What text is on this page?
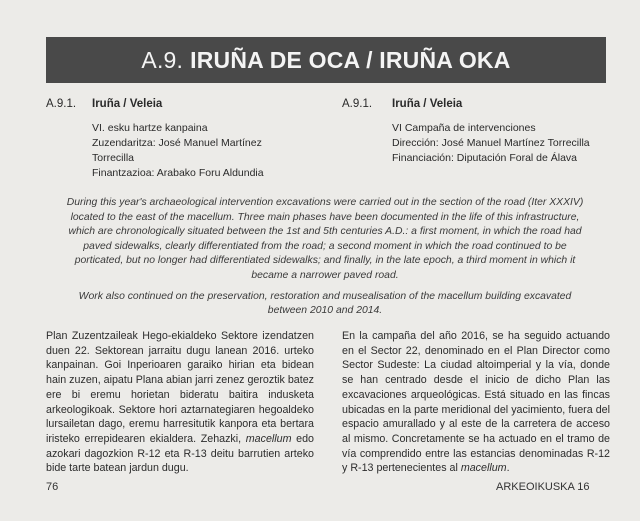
A.9. IRUÑA DE OCA / IRUÑA OKA
A.9.1. Iruña / Veleia
VI. esku hartze kanpaina
Zuzendaritza: José Manuel Martínez
Torrecilla
Finantzazioa: Arabako Foru Aldundia
A.9.1. Iruña / Veleia
VI Campaña de intervenciones
Dirección: José Manuel Martínez Torrecilla
Financiación: Diputación Foral de Álava

During this year's archaeological intervention excavations were carried out in the section of the road (Iter XXXIV) located to the east of the macellum. Three main phases have been documented in the life of this infrastructure, which are chronologically situated between the 1st and 5th centuries A.D.: a first moment, in which the road had paved sidewalks, clearly differentiated from the road; a second moment in which the road continued to be porticated, but no longer had differentiated sidewalks; and finally, in the late epoch, a third moment in which it became a narrower paved road.

Work also continued on the preservation, restoration and musealisation of the macellum building excavated between 2010 and 2014.

Plan Zuzentzaileak Hego-ekialdeko Sektore izendatzen duen 22. Sektorean jarraitu dugu lanean 2016. urteko kanpainan. Goi Inperioaren garaiko hirian eta bidean hain zuzen, aipatu Plana abian jarri zenez geroztik batez ere bi eremu horietan bideratu baitira indusketa arkeologikoak. Sektore hori aztarnategiaren hegoaldeko lursailetan dago, eremu harresitutik kanpora eta bertara iristeko errepidearen ekialdera. Zehazki, macellum edo azokari dagozkion R-12 eta R-13 deitu barrutien arteko bide tarte batean jardun dugu.
En la campaña del año 2016, se ha seguido actuando en el Sector 22, denominado en el Plan Director como Sector Sudeste: La ciudad altoimperial y la vía, donde se han centrado desde el inicio de dicho Plan las excavaciones arqueológicas. Está situado en las fincas ubicadas en la parte meridional del yacimiento, fuera del espacio amurallado y al este de la carretera de acceso al mismo. Concretamente se ha actuado en el tramo de vía comprendido entre las estancias denominadas R-12 y R-13 pertenecientes al macellum.
76	ARKEOIKUSKA 16
